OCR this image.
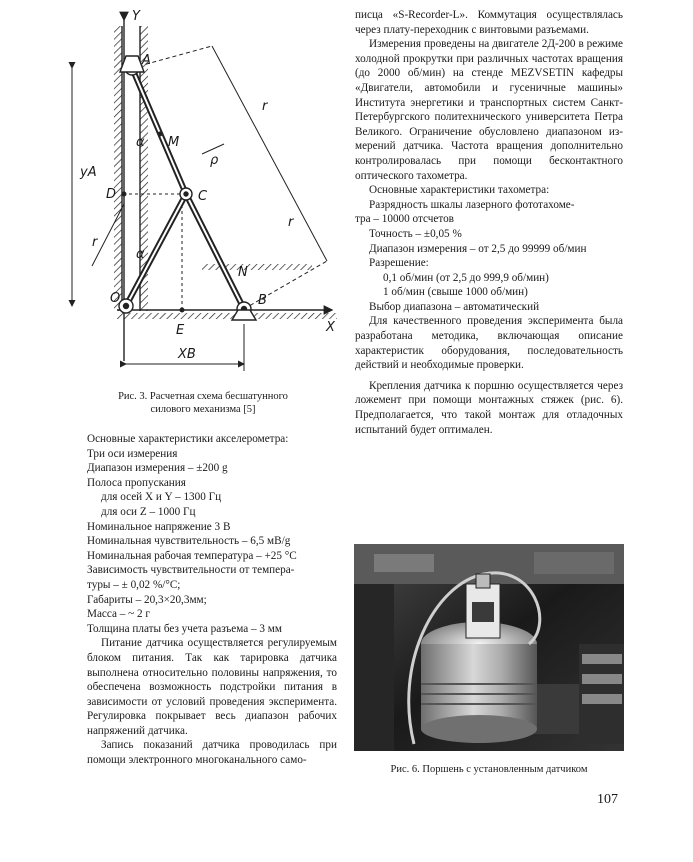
Y
X
A
M
D	C
O
E
N
B
α
α
r
r
r
ρ
yA
XB
Рис. 3. Расчетная схема бесшатунного
силового механизма [5]

Основные характеристики акселерометра:

Три оси измерения

Диапазон измерения – ±200 g

Полоса пропускания

для осей X и Y – 1300 Гц

для оси Z – 1000 Гц

Номинальное напряжение 3 В

Номинальная чувствительность – 6,5 мВ/g

Номинальная рабочая температура – +25 °С

Зависимость чувствительности от темпера-

туры – ± 0,02 %/°С;

Габариты – 20,3×20,3мм;

Масса – ~ 2 г

Толщина платы без учета разъема – 3 мм

Питание датчика осуществляется регулируемым блоком питания. Так как тарировка датчика выполнена относительно половины напряжения, то обеспечена возможность подстройки питания в зависимости от условий проведения эксперимента. Регулировка покрывает весь диапазон рабочих напряжений датчика.

Запись показаний датчика проводилась при помощи электронного многоканального само-

писца «S-Recorder-L». Коммутация осуществлялась через плату-переходник с винтовыми разъемами.

Измерения проведены на двигателе 2Д-200 в режиме холодной прокрутки при различных частотах вращения (до 2000 об/мин) на стенде MEZVSETIN кафедры «Двигатели, автомобили и гусеничные машины» Института энергетики и транспортных систем Санкт-Петербургского политехнического университета Петра Великого. Ограничение обусловлено диапазоном измерений датчика. Частота вращения дополнительно контролировалась при помощи бесконтактного оптического тахометра.

Основные характеристики тахометра:

Разрядность шкалы лазерного фототахоме-

тра – 10000 отсчетов

Точность – ±0,05 %

Диапазон измерения – от 2,5 до 99999 об/мин

Разрешение:

0,1 об/мин (от 2,5 до 999,9 об/мин)

1 об/мин (свыше 1000 об/мин)

Выбор диапазона – автоматический

Для качественного проведения эксперимента была разработана методика, включающая описание характеристик оборудования, последовательность действий и необходимые проверки.

Крепления датчика к поршню осуществляется через ложемент при помощи монтажных стяжек (рис. 6). Предполагается, что такой монтаж для отладочных испытаний будет оптимален.

Рис. 6. Поршень с установленным датчиком
107
